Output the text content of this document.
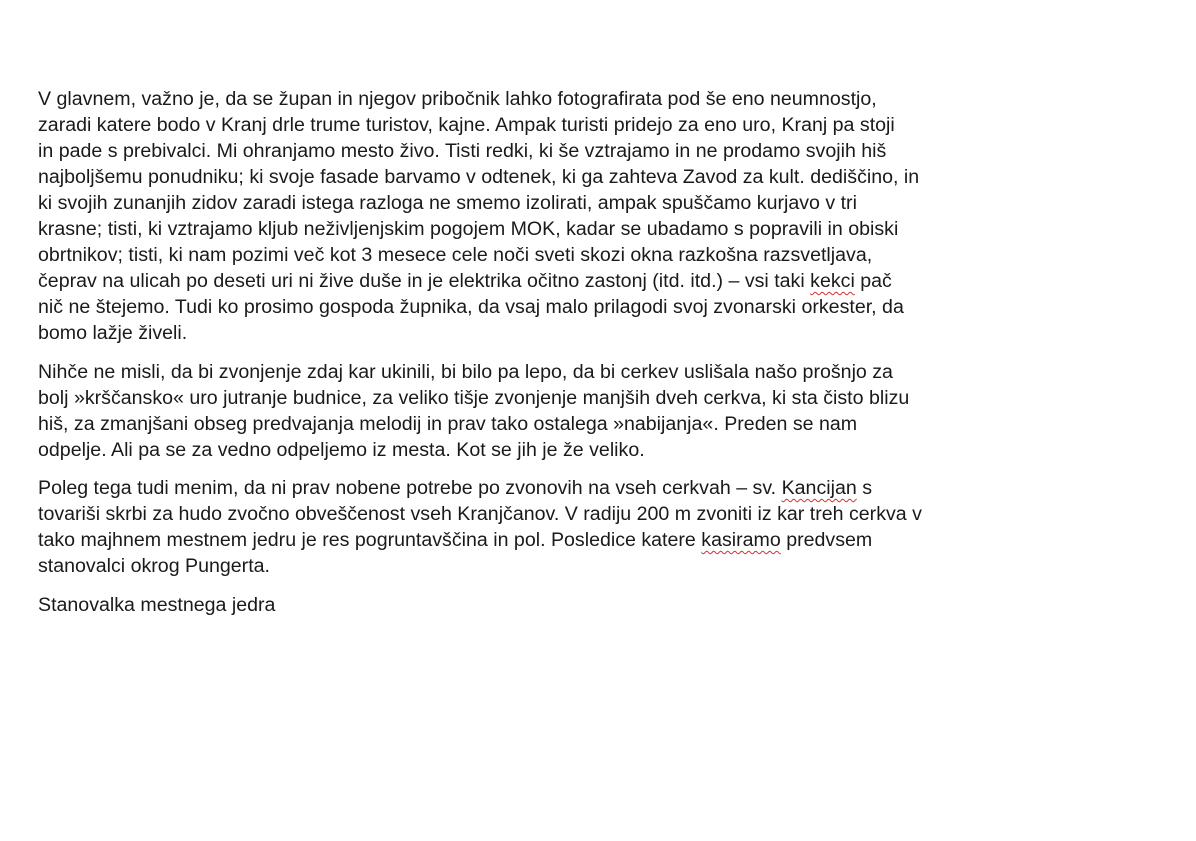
V glavnem, važno je, da se župan in njegov pribočnik lahko fotografirata pod še eno neumnostjo,
zaradi katere bodo v Kranj drle trume turistov, kajne. Ampak turisti pridejo za eno uro, Kranj pa stoji
in pade s prebivalci. Mi ohranjamo mesto živo. Tisti redki, ki še vztrajamo in ne prodamo svojih hiš
najboljšemu ponudniku; ki svoje fasade barvamo v odtenek, ki ga zahteva Zavod za kult. dediščino, in
ki svojih zunanjih zidov zaradi istega razloga ne smemo izolirati, ampak spuščamo kurjavo v tri
krasne; tisti, ki vztrajamo kljub neživljenjskim pogojem MOK, kadar se ubadamo s popravili in obiski
obrtnikov; tisti, ki nam pozimi več kot 3 mesece cele noči sveti skozi okna razkošna razsvetljava,
čeprav na ulicah po deseti uri ni žive duše in je elektrika očitno zastonj (itd. itd.) – vsi taki kekci pač
nič ne štejemo. Tudi ko prosimo gospoda župnika, da vsaj malo prilagodi svoj zvonarski orkester, da
bomo lažje živeli.

Nihče ne misli, da bi zvonjenje zdaj kar ukinili, bi bilo pa lepo, da bi cerkev uslišala našo prošnjo za
bolj »krščansko« uro jutranje budnice, za veliko tišje zvonjenje manjših dveh cerkva, ki sta čisto blizu
hiš, za zmanjšani obseg predvajanja melodij in prav tako ostalega »nabijanja«. Preden se nam
odpelje. Ali pa se za vedno odpeljemo iz mesta. Kot se jih je že veliko.

Poleg tega tudi menim, da ni prav nobene potrebe po zvonovih na vseh cerkvah – sv. Kancijan s
tovariši skrbi za hudo zvočno obveščenost vseh Kranjčanov. V radiju 200 m zvoniti iz kar treh cerkva v
tako majhnem mestnem jedru je res pogruntavščina in pol. Posledice katere kasiramo predvsem
stanovalci okrog Pungerta.

Stanovalka mestnega jedra
